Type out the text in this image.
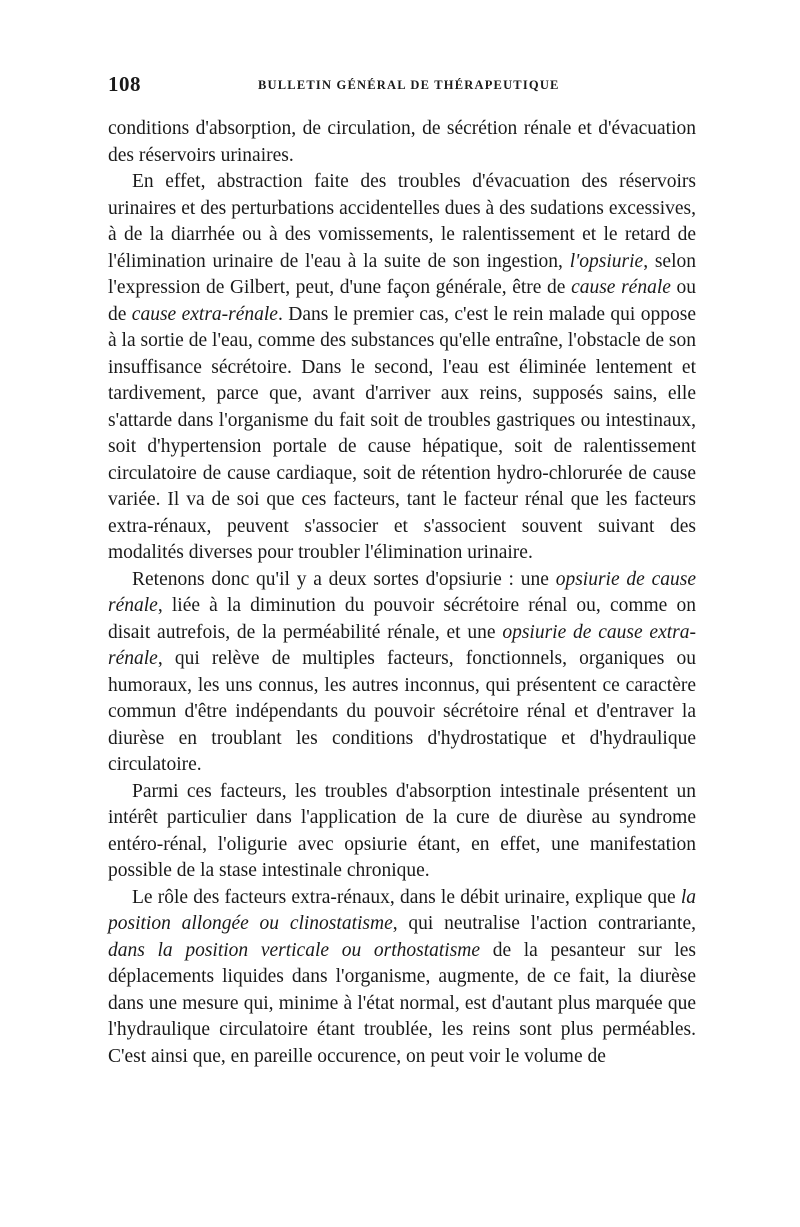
108	BULLETIN GÉNÉRAL DE THÉRAPEUTIQUE

conditions d'absorption, de circulation, de sécrétion rénale et d'évacuation des réservoirs urinaires.

En effet, abstraction faite des troubles d'évacuation des réservoirs urinaires et des perturbations accidentelles dues à des sudations excessives, à de la diarrhée ou à des vomissements, le ralentissement et le retard de l'élimination urinaire de l'eau à la suite de son ingestion, l'opsiurie, selon l'expression de Gilbert, peut, d'une façon générale, être de cause rénale ou de cause extra-rénale. Dans le premier cas, c'est le rein malade qui oppose à la sortie de l'eau, comme des substances qu'elle entraîne, l'obstacle de son insuffisance sécrétoire. Dans le second, l'eau est éliminée lentement et tardivement, parce que, avant d'arriver aux reins, supposés sains, elle s'attarde dans l'organisme du fait soit de troubles gastriques ou intestinaux, soit d'hypertension portale de cause hépatique, soit de ralentissement circulatoire de cause cardiaque, soit de rétention hydro-chlorurée de cause variée. Il va de soi que ces facteurs, tant le facteur rénal que les facteurs extra-rénaux, peuvent s'associer et s'associent souvent suivant des modalités diverses pour troubler l'élimination urinaire.

Retenons donc qu'il y a deux sortes d'opsiurie : une opsiurie de cause rénale, liée à la diminution du pouvoir sécrétoire rénal ou, comme on disait autrefois, de la perméabilité rénale, et une opsiurie de cause extra-rénale, qui relève de multiples facteurs, fonctionnels, organiques ou humoraux, les uns connus, les autres inconnus, qui présentent ce caractère commun d'être indépendants du pouvoir sécrétoire rénal et d'entraver la diurèse en troublant les conditions d'hydrostatique et d'hydraulique circulatoire.

Parmi ces facteurs, les troubles d'absorption intestinale présentent un intérêt particulier dans l'application de la cure de diurèse au syndrome entéro-rénal, l'oligurie avec opsiurie étant, en effet, une manifestation possible de la stase intestinale chronique.

Le rôle des facteurs extra-rénaux, dans le débit urinaire, explique que la position allongée ou clinostatisme, qui neutralise l'action contrariante, dans la position verticale ou orthostatisme de la pesanteur sur les déplacements liquides dans l'organisme, augmente, de ce fait, la diurèse dans une mesure qui, minime à l'état normal, est d'autant plus marquée que l'hydraulique circulatoire étant troublée, les reins sont plus perméables. C'est ainsi que, en pareille occurence, on peut voir le volume de
